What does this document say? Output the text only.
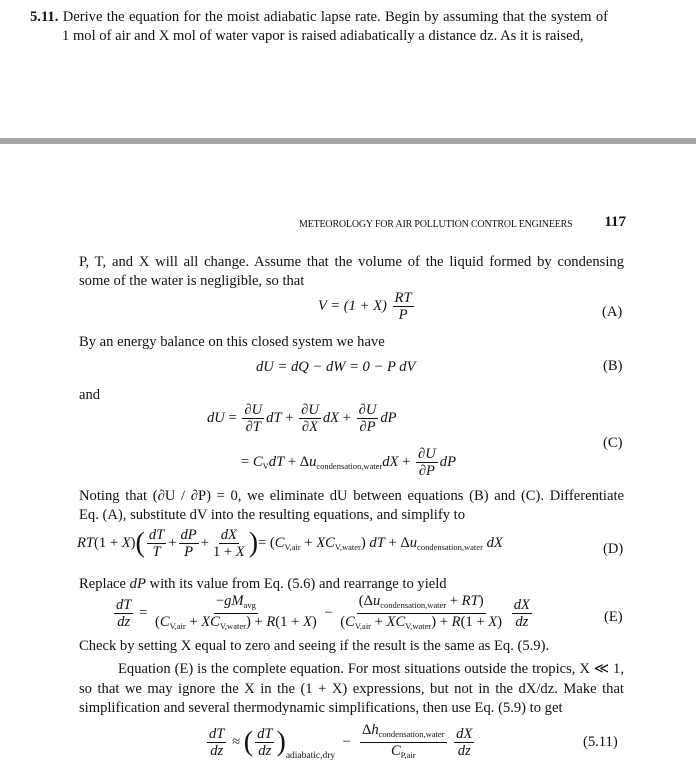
5.11. Derive the equation for the moist adiabatic lapse rate. Begin by assuming that the system of
1 mol of air and X mol of water vapor is raised adiabatically a distance dz. As it is raised,
METEOROLOGY FOR AIR POLLUTION CONTROL ENGINEERS 117
P, T, and X will all change. Assume that the volume of the liquid formed by condensing
some of the water is negligible, so that
$V = (1 + X) \frac{RT}{P}$	(A)
By an energy balance on this closed system we have
dU = dQ − dW = 0 − P dV	(B)
and
dU = $\frac{\partial U}{\partial T}$ dT + $\frac{\partial U}{\partial X}$ dX + $\frac{\partial U}{\partial P}$ dP
= $C_VdT + \Delta u_{condensation,water}dX + \frac{\partial U}{\partial P}$ dP
(C)
Noting that (∂U / ∂P) = 0, we eliminate dU between equations (B) and (C). Differentiate
Eq. (A), substitute dV into the resulting equations, and simplify to
$RT(1 + X)( \frac{dT}{T} + \frac{dP}{P} + \frac{dX}{1 + X}$ )= $(C_{V,air} + XC_{V,water})$ dT + $\Delta u_{condensation,water}$ dX	(D)
Replace dP with its value from Eq. (5.6) and rearrange to yield
$\frac{dT}{dz} = \frac{-gM_{avg}}{(C_{V,air} + XC_{V,water}) + R(1 + X)} - \frac{(\Delta u_{condensation,water} + RT)}{(C_{V,air} + XC_{V,water}) + R(1 + X)}$
$\frac{dX}{dz}$	(E)
Check by setting X equal to zero and seeing if the result is the same as Eq. (5.9).
Equation (E) is the complete equation. For most situations outside the tropics, X ≪ 1,
so that we may ignore the X in the (1 + X) expressions, but not in the dX/dz. Make that
simplification and several thermodynamic simplifications, then use Eq. (5.9) to get
$\frac{dT}{dz}$ ≈ ( $\frac{dT}{dz} )_{adiabatic,dry} - \frac{\Delta h_{condensation,water}}{C_{P,air}}$
$\frac{dX}{dz}$	(5.11)
